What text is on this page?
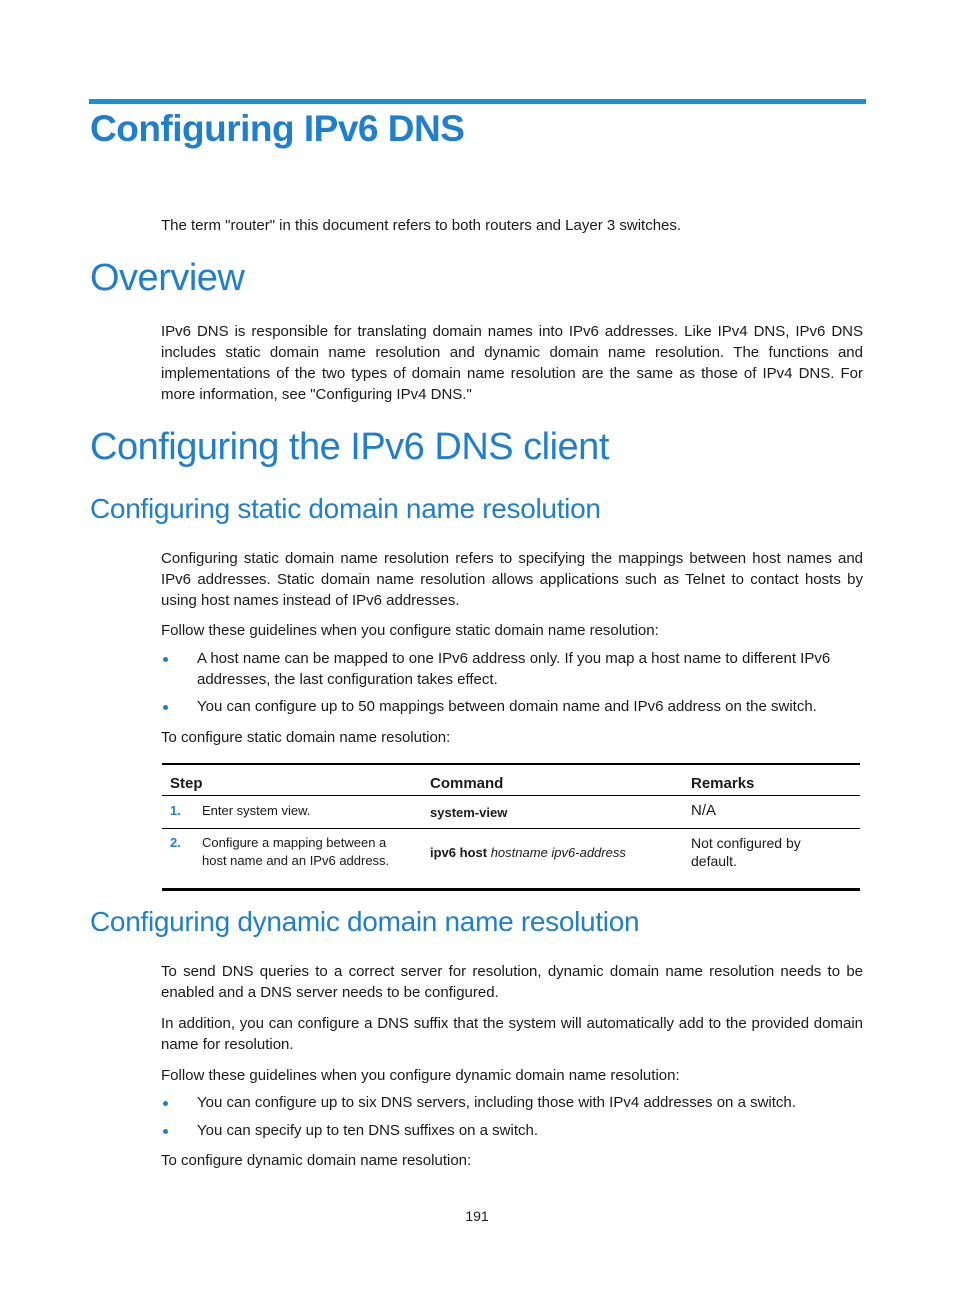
Configuring IPv6 DNS

The term "router" in this document refers to both routers and Layer 3 switches.

Overview

IPv6 DNS is responsible for translating domain names into IPv6 addresses. Like IPv4 DNS, IPv6 DNS includes static domain name resolution and dynamic domain name resolution. The functions and implementations of the two types of domain name resolution are the same as those of IPv4 DNS. For more information, see "Configuring IPv4 DNS."

Configuring the IPv6 DNS client
Configuring static domain name resolution

Configuring static domain name resolution refers to specifying the mappings between host names and IPv6 addresses. Static domain name resolution allows applications such as Telnet to contact hosts by using host names instead of IPv6 addresses.

Follow these guidelines when you configure static domain name resolution:

A host name can be mapped to one IPv6 address only. If you map a host name to different IPv6 addresses, the last configuration takes effect.

You can configure up to 50 mappings between domain name and IPv6 address on the switch.

To configure static domain name resolution:

Step	Command	Remarks
1. Enter system view.	system-view	N/A
2. Configure a mapping between a host name and an IPv6 address.	ipv6 host hostname ipv6-address	Not configured by default.
Configuring dynamic domain name resolution

To send DNS queries to a correct server for resolution, dynamic domain name resolution needs to be enabled and a DNS server needs to be configured.

In addition, you can configure a DNS suffix that the system will automatically add to the provided domain name for resolution.

Follow these guidelines when you configure dynamic domain name resolution:

You can configure up to six DNS servers, including those with IPv4 addresses on a switch.

You can specify up to ten DNS suffixes on a switch.

To configure dynamic domain name resolution:

191
